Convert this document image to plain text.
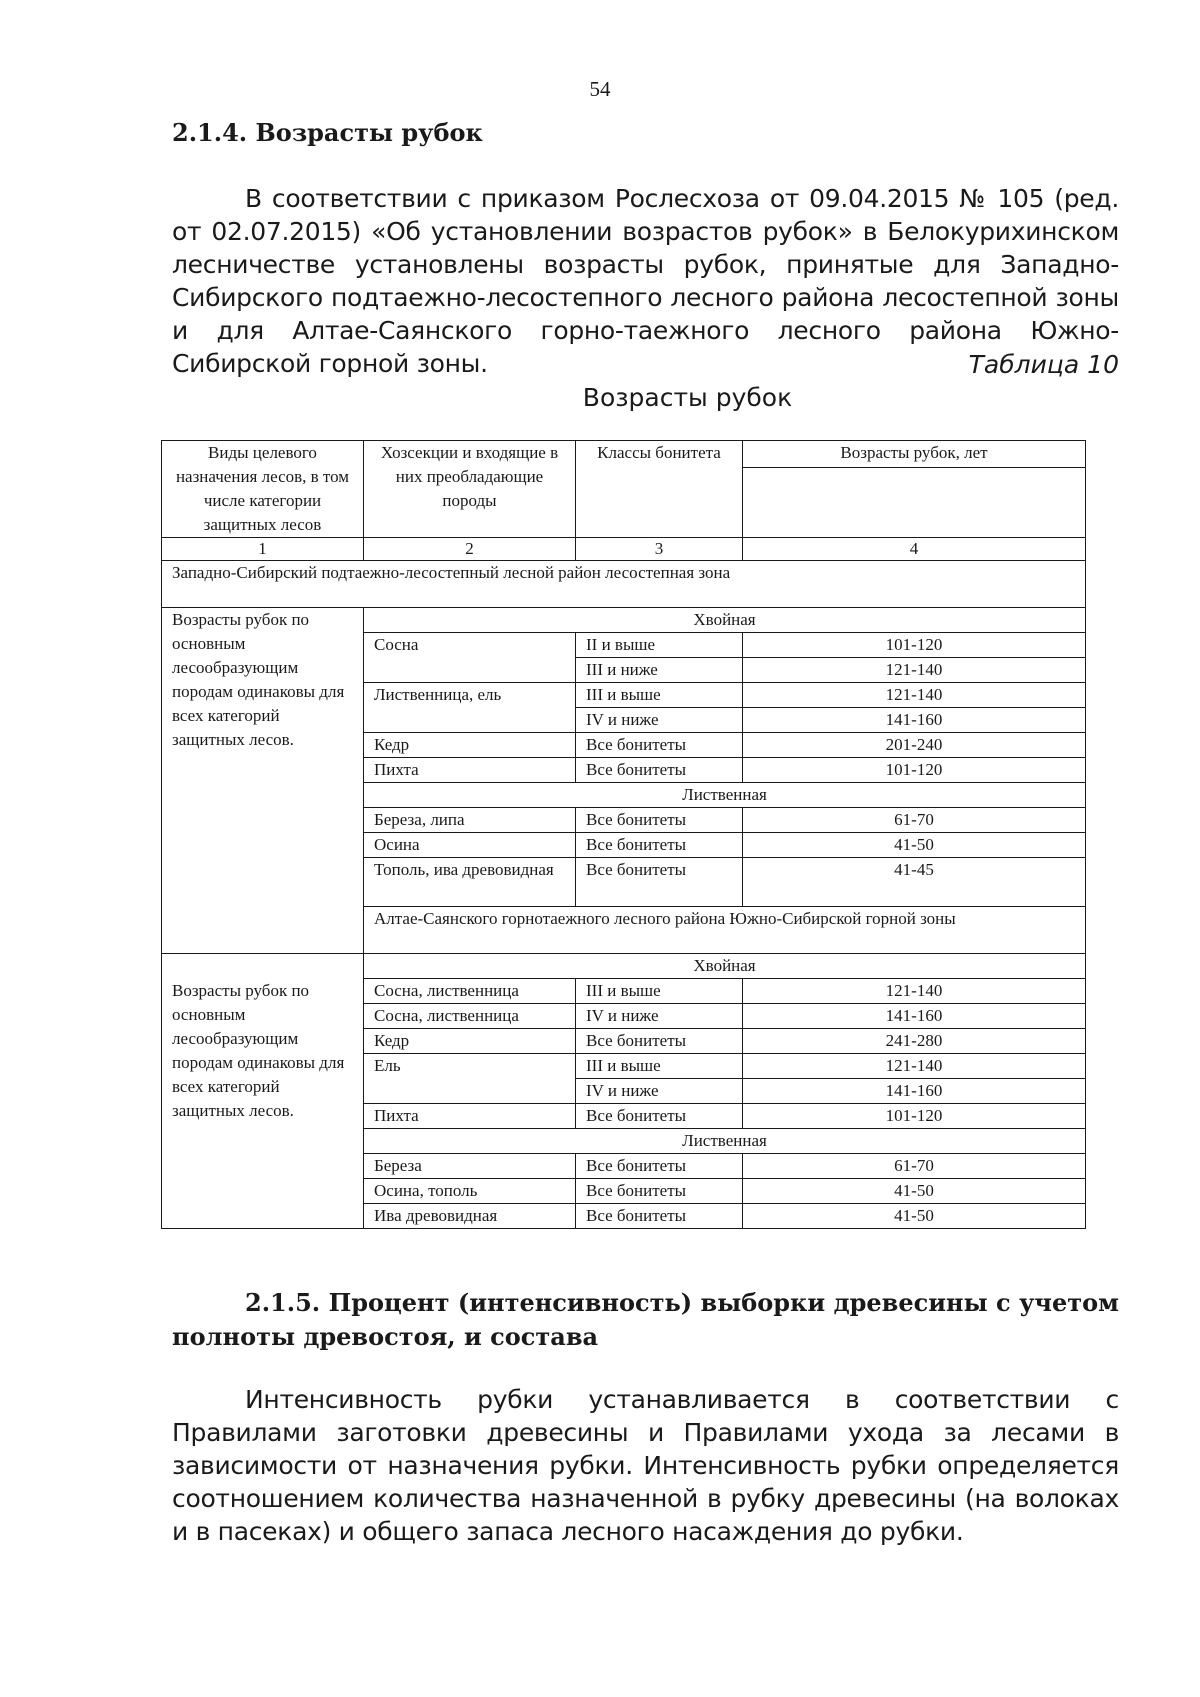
54
2.1.4. Возрасты рубок

В соответствии с приказом Рослесхоза от 09.04.2015 № 105 (ред. от 02.07.2015) «Об установлении возрастов рубок» в Белокурихинском лесничестве установлены возрасты рубок, принятые для Западно-Сибирского подтаежно-лесостепного лесного района лесостепной зоны и для Алтае-Саянского горно-таежного лесного района Южно-Сибирской горной зоны.	Таблица 10
Возрасты рубок
Виды целевого назначения лесов, в том числе категории защитных лесов	Хозсекции и входящие в них преобладающие породы	Классы бонитета	Возрасты рубок, лет

1	2	3	4
Западно-Сибирский подтаежно-лесостепный лесной район лесостепная зона			
Возрасты рубок по основным лесообразующим породам одинаковы для всех категорий защитных лесов.	Хвойная		
	Сосна	II и выше	101-120
		III и ниже	121-140
	Лиственница, ель	III и выше	121-140
		IV и ниже	141-160
	Кедр	Все бонитеты	201-240
	Пихта	Все бонитеты	101-120
	Лиственная		
	Береза, липа	Все бонитеты	61-70
	Осина	Все бонитеты	41-50
	Тополь, ива древовидная	Все бонитеты	41-45
	Алтае-Саянского горнотаежного лесного района Южно-Сибирской горной зоны		
	Хвойная		
Возрасты рубок по основным лесообразующим породам одинаковы для всех категорий защитных лесов.	Сосна, лиственница	III и выше	121-140
	Сосна, лиственница	IV и ниже	141-160
	Кедр	Все бонитеты	241-280
	Ель	III и выше	121-140
		IV и ниже	141-160
	Пихта	Все бонитеты	101-120
	Лиственная		
	Береза	Все бонитеты	61-70
	Осина, тополь	Все бонитеты	41-50
	Ива древовидная	Все бонитеты	41-50
2.1.5. Процент (интенсивность) выборки древесины с учетом полноты древостоя, и состава

Интенсивность рубки устанавливается в соответствии с Правилами заготовки древесины и Правилами ухода за лесами в зависимости от назначения рубки. Интенсивность рубки определяется соотношением количества назначенной в рубку древесины (на волоках и в пасеках) и общего запаса лесного насаждения до рубки.
